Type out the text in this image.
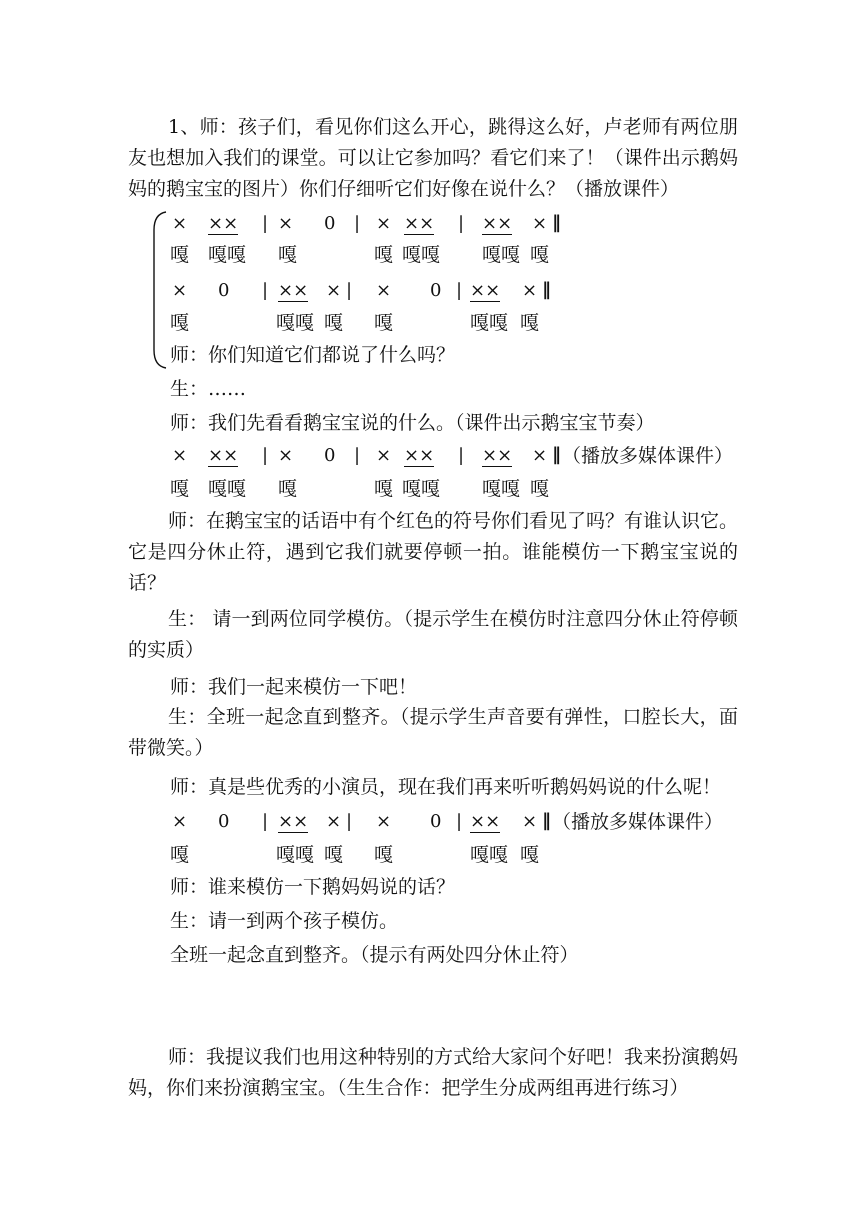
1、师：孩子们，看见你们这么开心，跳得这么好，卢老师有两位朋友也想加入我们的课堂。可以让它参加吗？看它们来了！（课件出示鹅妈妈的鹅宝宝的图片）你们仔细听它们好像在说什么？（播放课件）

× ×× | × 0 | × ×× | ×× × ‖
嘎 嘎嘎 嘎	嘎 嘎嘎 嘎嘎 嘎
× 0 | ×× × | × 0 | ×× × ‖
嘎	嘎嘎 嘎 嘎	嘎嘎 嘎
师：你们知道它们都说了什么吗？
生：……
师：我们先看看鹅宝宝说的什么。（课件出示鹅宝宝节奏）
× ×× | × 0 | × ×× | ×× × ‖ （播放多媒体课件）
嘎 嘎嘎 嘎	嘎 嘎嘎 嘎嘎 嘎

师：在鹅宝宝的话语中有个红色的符号你们看见了吗？有谁认识它。它是四分休止符，遇到它我们就要停顿一拍。谁能模仿一下鹅宝宝说的话？

生： 请一到两位同学模仿。（提示学生在模仿时注意四分休止符停顿的实质）

师：我们一起来模仿一下吧！

生：全班一起念直到整齐。（提示学生声音要有弹性，口腔长大，面带微笑。）

师：真是些优秀的小演员，现在我们再来听听鹅妈妈说的什么呢！
× 0 | ×× × | × 0 | ×× × ‖ （播放多媒体课件）
嘎	嘎嘎 嘎 嘎	嘎嘎 嘎
师：谁来模仿一下鹅妈妈说的话？
生：请一到两个孩子模仿。
全班一起念直到整齐。（提示有两处四分休止符）

师：我提议我们也用这种特别的方式给大家问个好吧！我来扮演鹅妈妈，你们来扮演鹅宝宝。（生生合作：把学生分成两组再进行练习）
